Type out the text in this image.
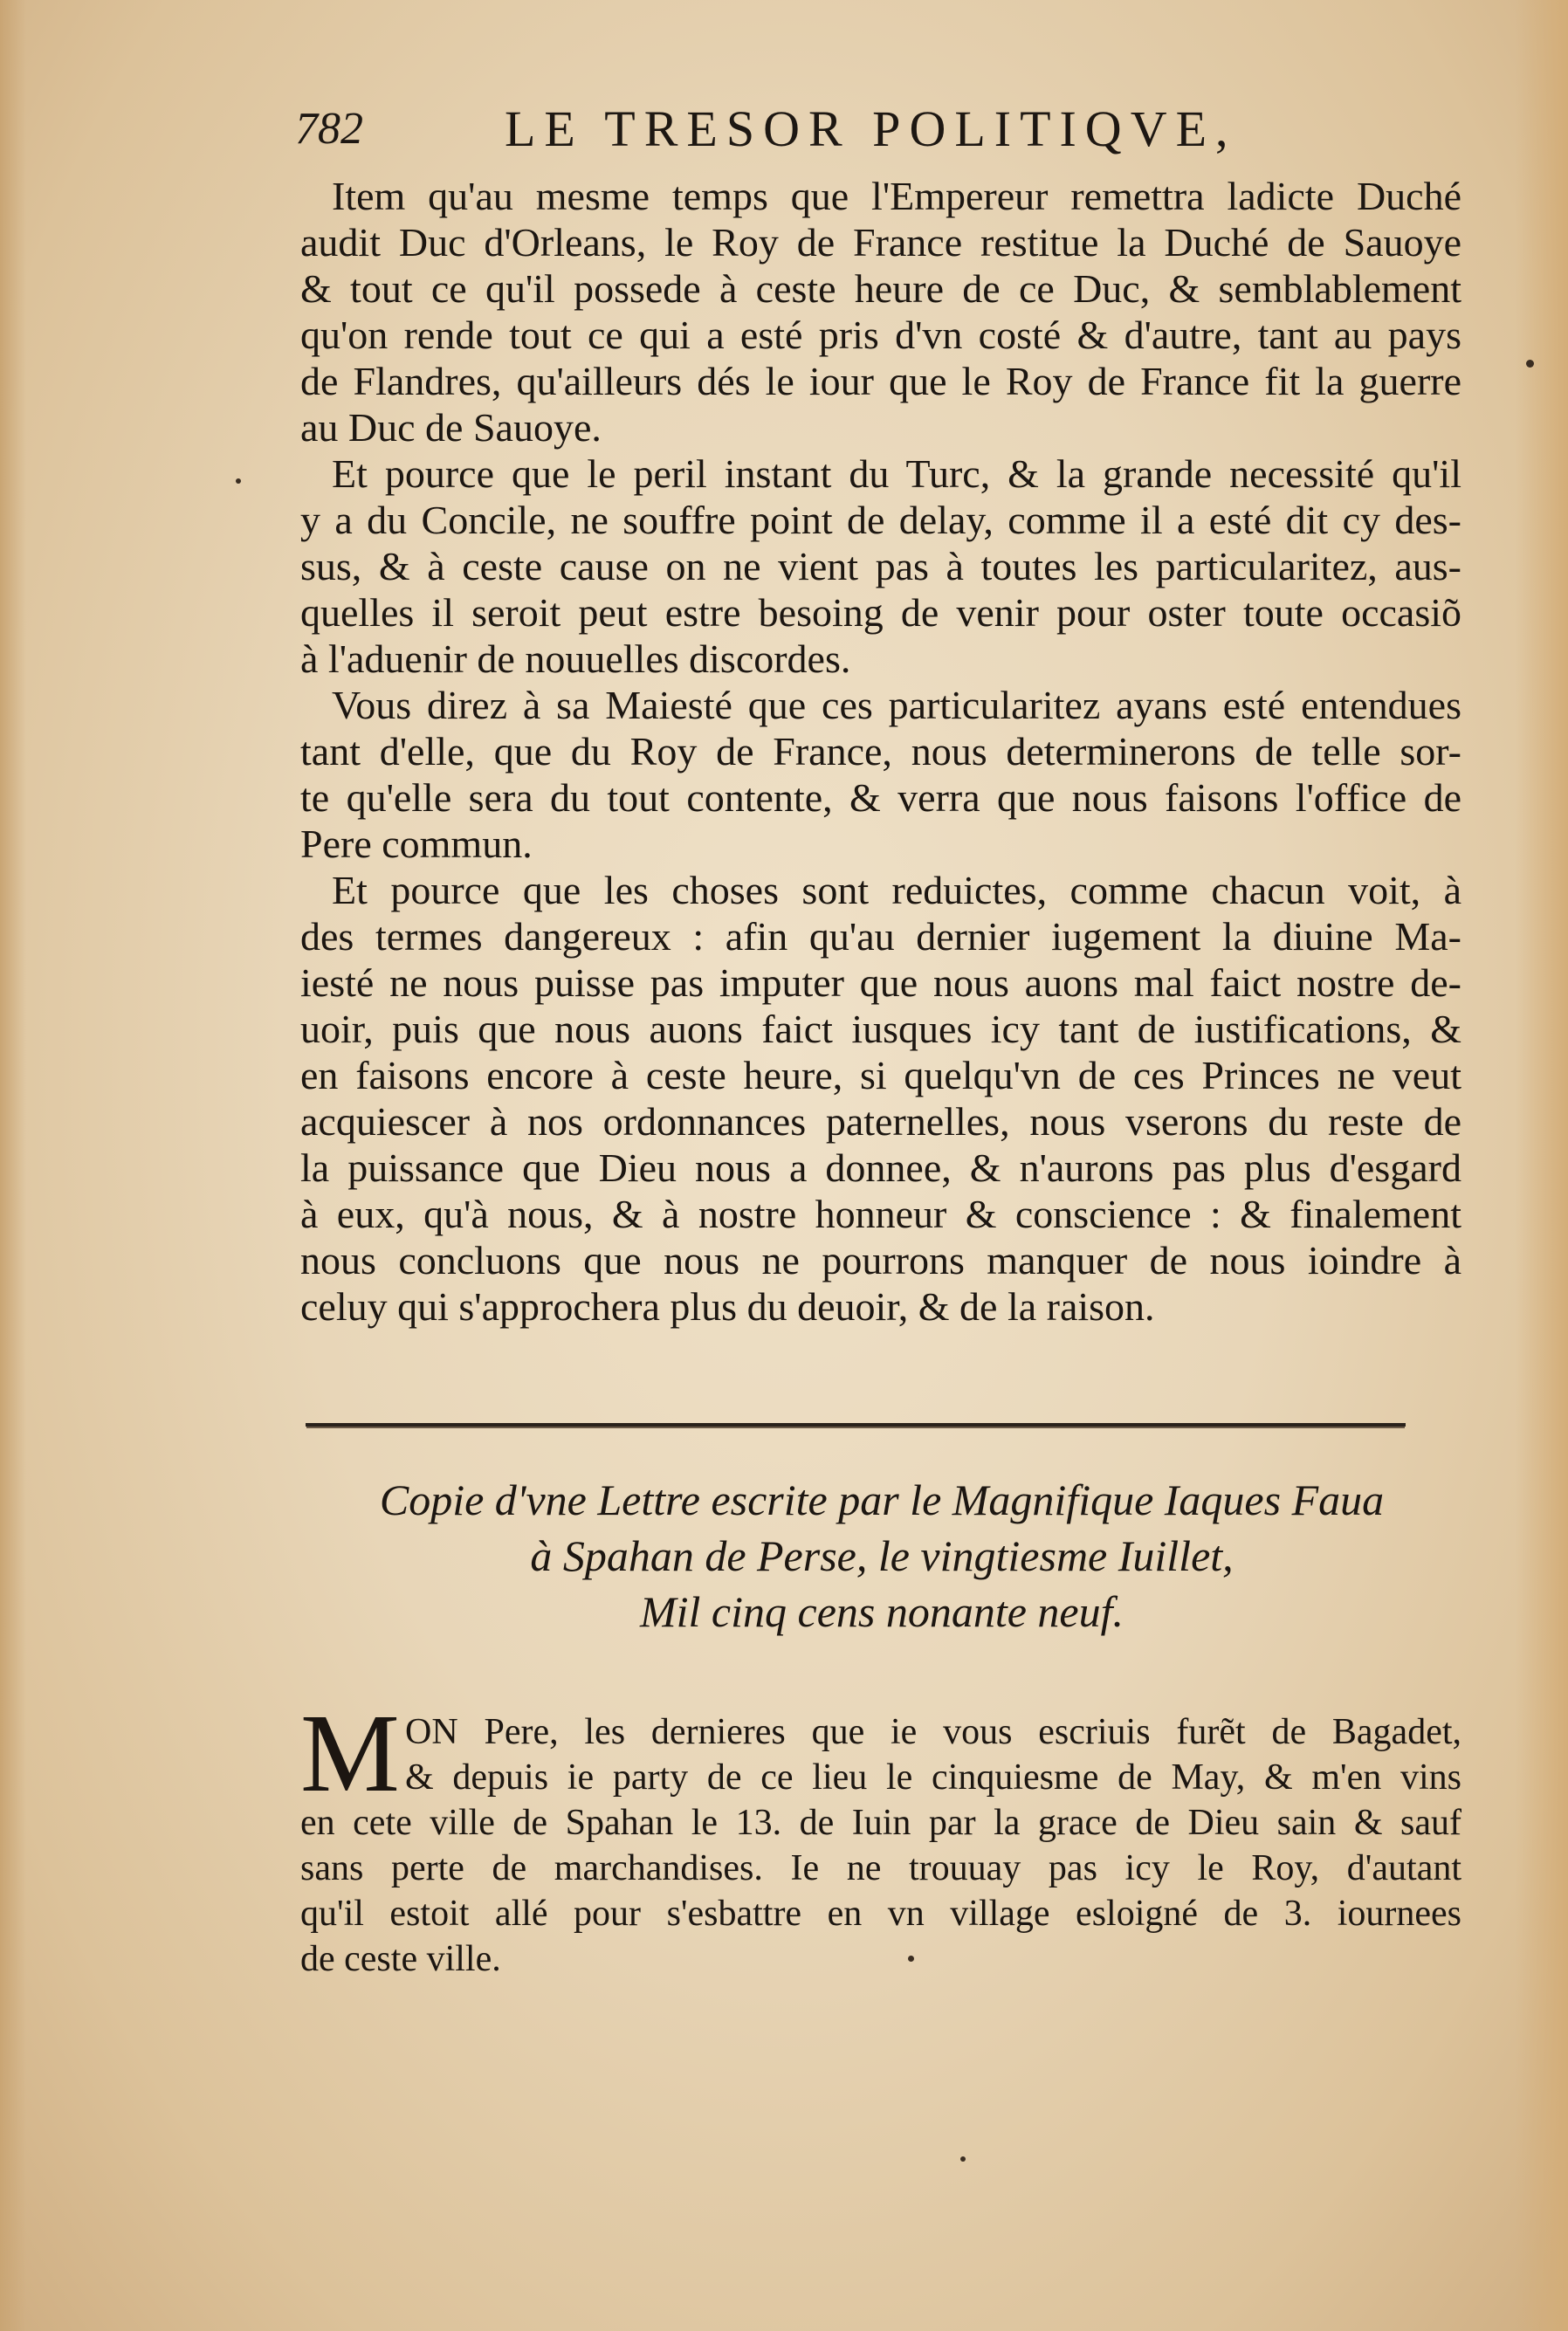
782	LE TRESOR POLITIQVE,
Item qu'au mesme temps que l'Empereur remettra ladicte Duché
audit Duc d'Orleans, le Roy de France restitue la Duché de Sauoye
& tout ce qu'il possede à ceste heure de ce Duc, & semblablement
qu'on rende tout ce qui a esté pris d'vn costé & d'autre, tant au pays
de Flandres, qu'ailleurs dés le iour que le Roy de France fit la guerre
au Duc de Sauoye.
Et pource que le peril instant du Turc, & la grande necessité qu'il
y a du Concile, ne souffre point de delay, comme il a esté dit cy des-
sus, & à ceste cause on ne vient pas à toutes les particularitez, aus-
quelles il seroit peut estre besoing de venir pour oster toute occasiõ
à l'aduenir de nouuelles discordes.
Vous direz à sa Maiesté que ces particularitez ayans esté entendues
tant d'elle, que du Roy de France, nous determinerons de telle sor-
te qu'elle sera du tout contente, & verra que nous faisons l'office de
Pere commun.
Et pource que les choses sont reduictes, comme chacun voit, à
des termes dangereux : afin qu'au dernier iugement la diuine Ma-
iesté ne nous puisse pas imputer que nous auons mal faict nostre de-
uoir, puis que nous auons faict iusques icy tant de iustifications, &
en faisons encore à ceste heure, si quelqu'vn de ces Princes ne veut
acquiescer à nos ordonnances paternelles, nous vserons du reste de
la puissance que Dieu nous a donnee, & n'aurons pas plus d'esgard
à eux, qu'à nous, & à nostre honneur & conscience : & finalement
nous concluons que nous ne pourrons manquer de nous ioindre à
celuy qui s'approchera plus du deuoir, & de la raison.
Copie d'vne Lettre escrite par le Magnifique Iaques Faua
à Spahan de Perse, le vingtiesme Iuillet,
Mil cinq cens nonante neuf.
M ON Pere, les dernieres que ie vous escriuis furẽt de Bagadet,
& depuis ie party de ce lieu le cinquiesme de May, & m'en vins
en cete ville de Spahan le 13. de Iuin par la grace de Dieu sain & sauf
sans perte de marchandises. Ie ne trouuay pas icy le Roy, d'autant
qu'il estoit allé pour s'esbattre en vn village esloigné de 3. iournees
de ceste ville.
